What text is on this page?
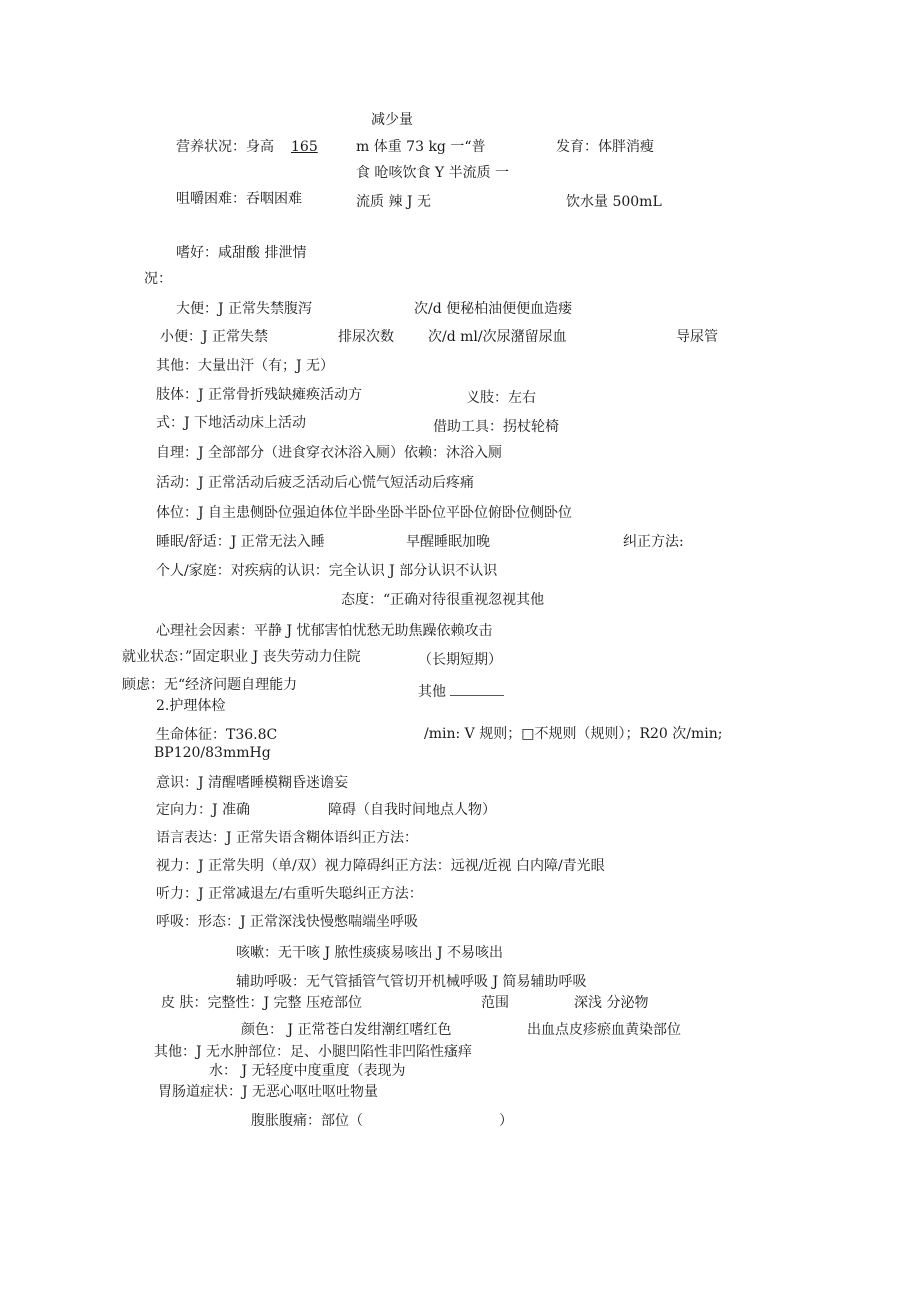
减少量
营养状况：身高 165	m 体重 73 kg 一“普	发育：体胖消瘦
食 呛咳饮食 Y 半流质 一
咀嚼困难：吞咽困难	流质 辣 J 无	饮水量 500mL
嗜好：咸甜酸 排泄情
况：
大便：J 正常失禁腹泻	次/d 便秘柏油便便血造瘘
小便：J 正常失禁	排尿次数 次/d ml/次尿潴留尿血	导尿管
其他：大量出汗（有；J 无）
肢体：J 正常骨折残缺瘫痪活动方	义肢：左右
式：J 下地活动床上活动	借助工具：拐杖轮椅
自理：J 全部部分（进食穿衣沐浴入厕）依赖：沐浴入厕
活动：J 正常活动后疲乏活动后心慌气短活动后疼痛
体位：J 自主患侧卧位强迫体位半卧坐卧半卧位平卧位俯卧位侧卧位
睡眠/舒适：J 正常无法入睡	早醒睡眠加晚	纠正方法:
个人/家庭：对疾病的认识：完全认识 J 部分认识不认识
态度：“正确对待很重视忽视其他
心理社会因素：平静 J 忧郁害怕忧愁无助焦躁依赖攻击
就业状态：”固定职业 J 丧失劳动力住院	（长期短期）
顾虑：无“经济问题自理能力	其他
2.护理体检
生命体征：T36.8C	/min: V 规则；□不规则（规则）；R20 次/min;
BP120/83mmHg
意识：J 清醒嗜睡模糊昏迷谵妄
定向力：J 准确	障碍（自我时间地点人物）
语言表达：J 正常失语含糊体语纠正方法：
视力：J 正常失明（单/双）视力障碍纠正方法：远视/近视 白内障/青光眼
听力：J 正常减退左/右重听失聪纠正方法：
呼吸：形态：J 正常深浅快慢憋喘端坐呼吸
咳嗽：无干咳 J 脓性痰痰易咳出 J 不易咳出
辅助呼吸：无气管插管气管切开机械呼吸 J 简易辅助呼吸
皮 肤：完整性：J 完整 压疮部位	范围	深浅 分泌物
颜色： J 正常苍白发绀潮红嗜红色	出血点皮疹瘀血黄染部位
其他：J 无水肿部位：足、小腿凹陷性非凹陷性瘙痒
水： J 无轻度中度重度（表现为
胃肠道症状：J 无恶心呕吐呕吐物量
腹胀腹痛：部位（	）
